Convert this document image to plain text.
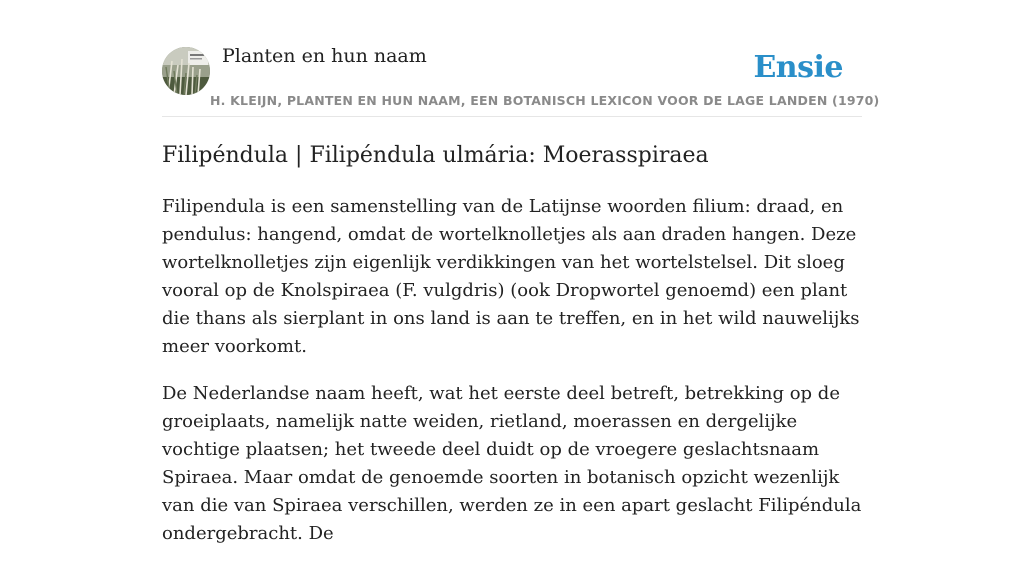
Planten en hun naam	Ensie
H. KLEIJN, PLANTEN EN HUN NAAM, EEN BOTANISCH LEXICON VOOR DE LAGE LANDEN (1970)
Filipéndula | Filipéndula ulmária: Moerasspiraea

Filipendula is een samenstelling van de Latijnse woorden filium: draad, en pendulus: hangend, omdat de wortelknolletjes als aan draden hangen. Deze wortelknolletjes zijn eigenlijk verdikkingen van het wortelstelsel. Dit sloeg vooral op de Knolspiraea (F. vulgdris) (ook Dropwortel genoemd) een plant die thans als sierplant in ons land is aan te treffen, en in het wild nauwelijks meer voorkomt.

De Nederlandse naam heeft, wat het eerste deel betreft, betrekking op de groeiplaats, namelijk natte weiden, rietland, moerassen en dergelijke vochtige plaatsen; het tweede deel duidt op de vroegere geslachtsnaam Spiraea. Maar omdat de genoemde soorten in botanisch opzicht wezenlijk van die van Spiraea verschillen, werden ze in een apart geslacht Filipéndula ondergebracht. De
